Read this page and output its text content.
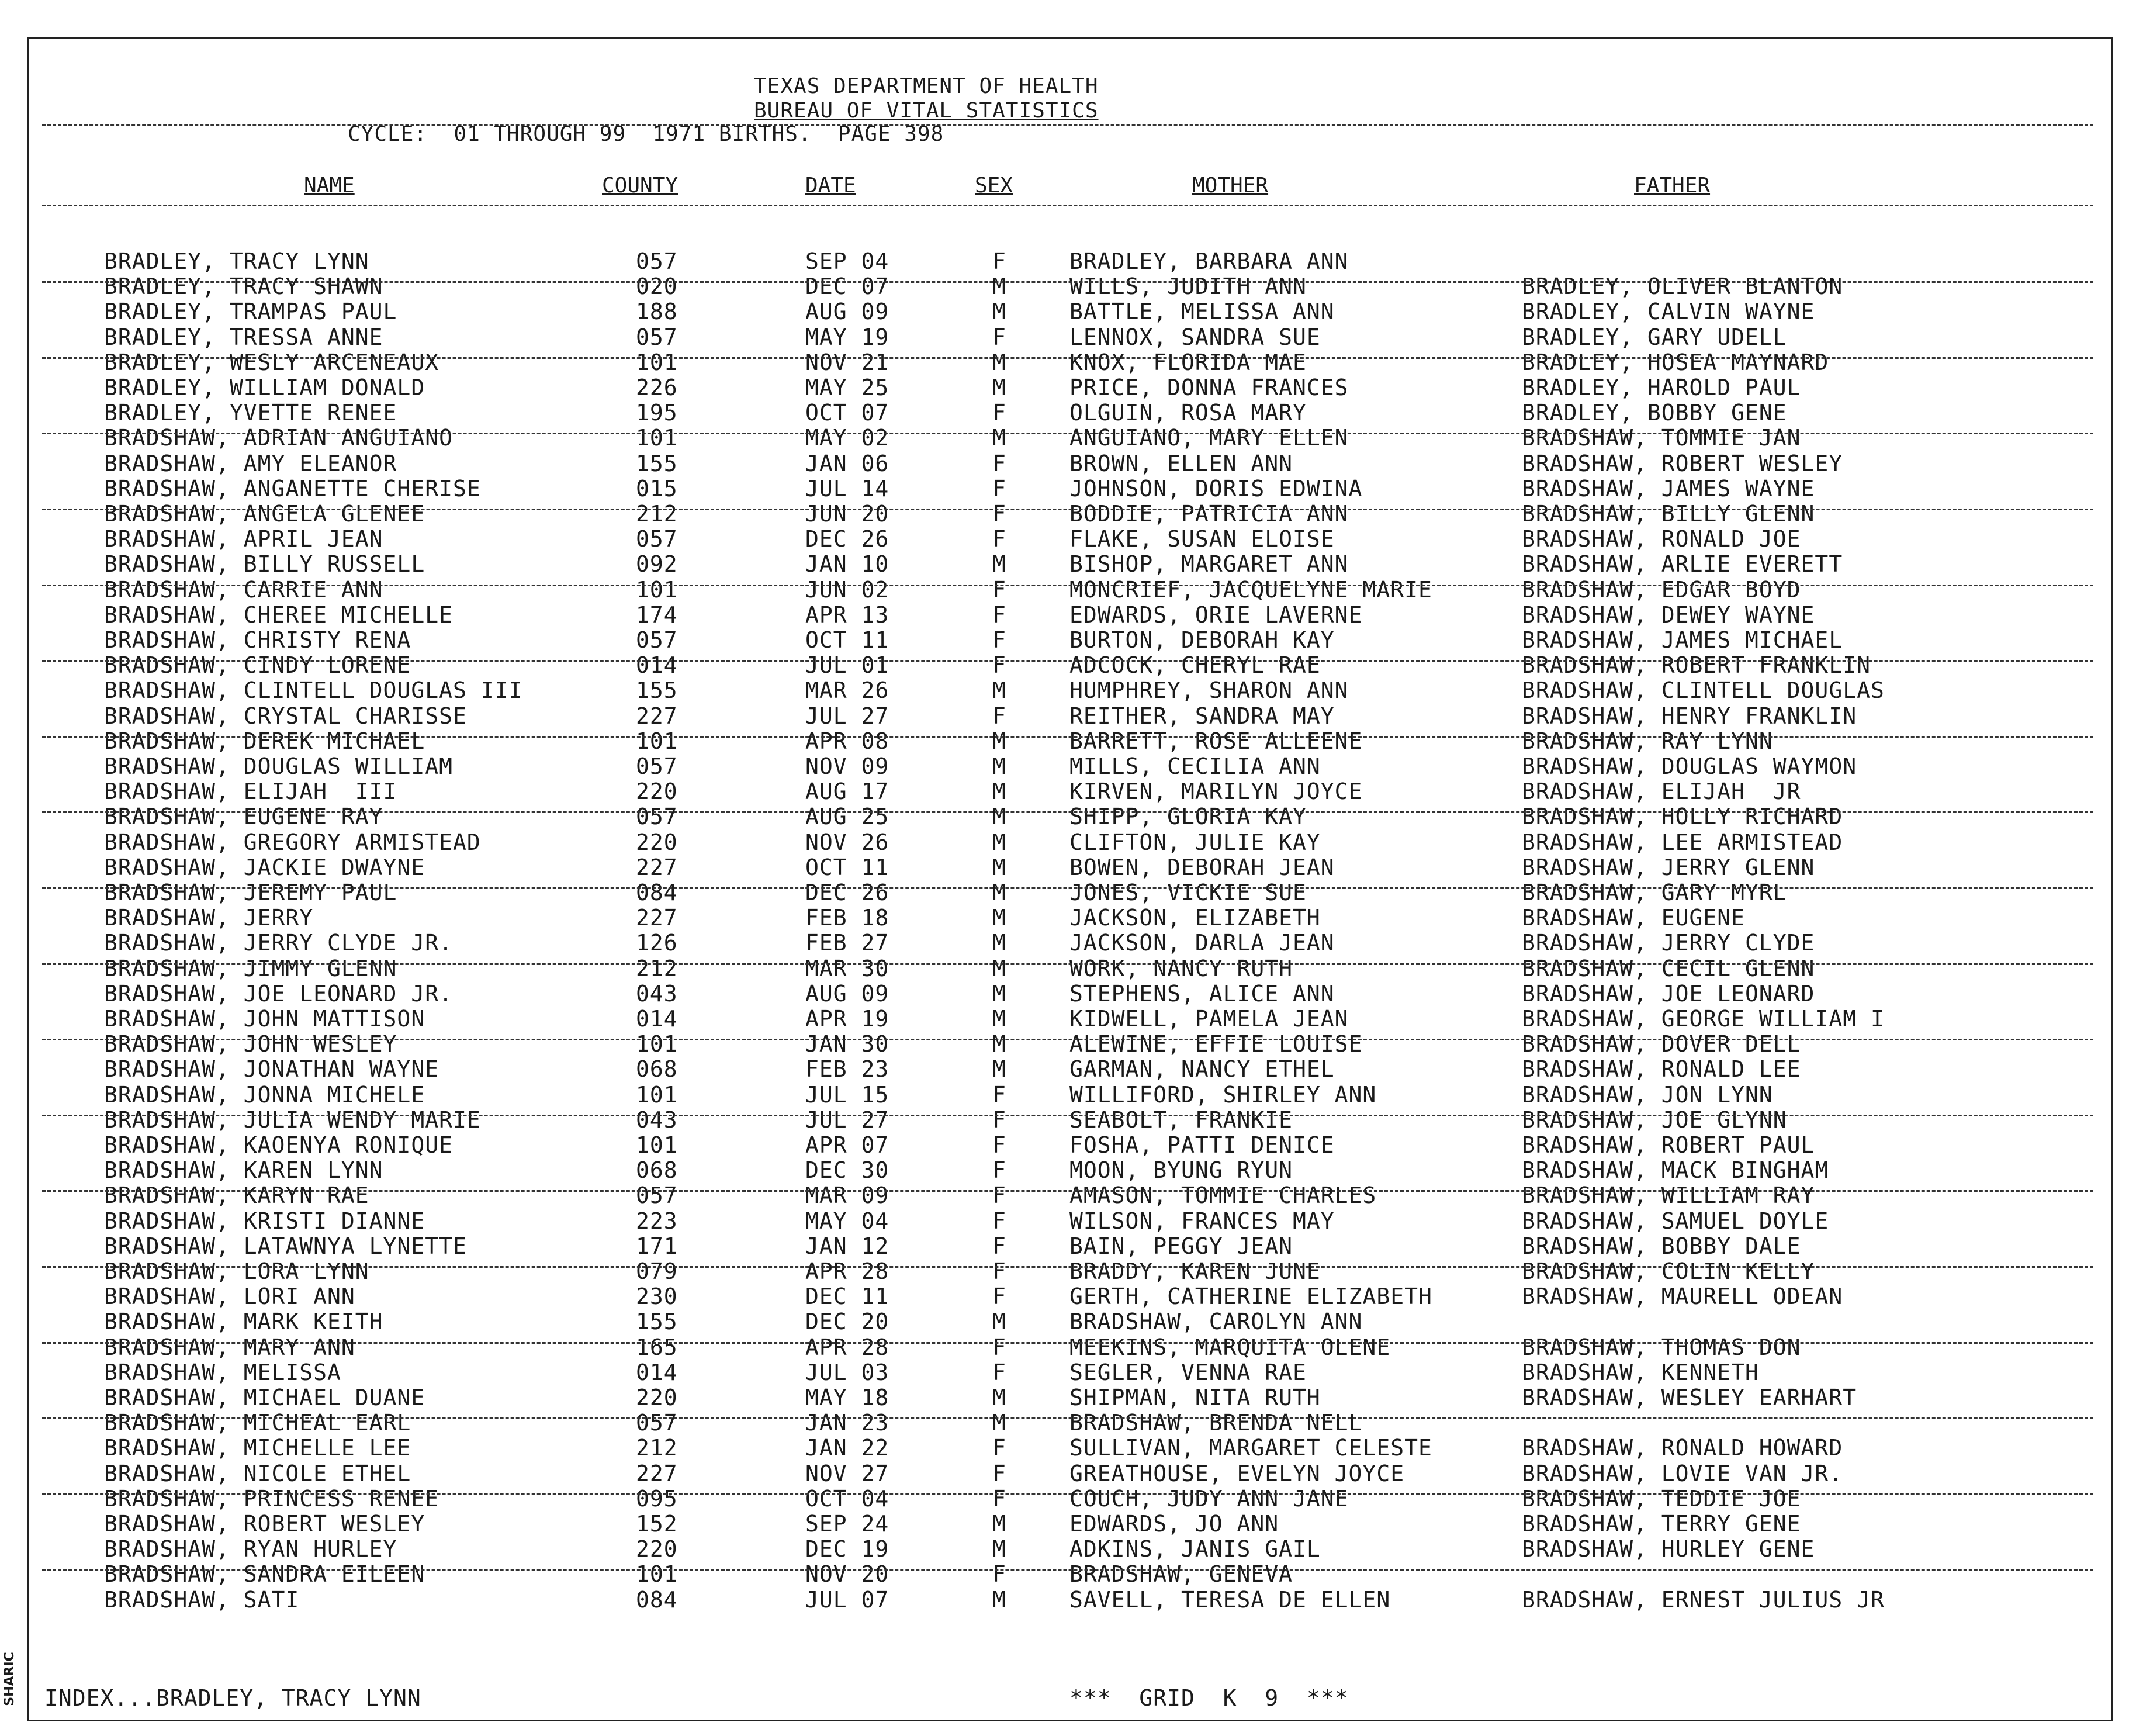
TEXAS DEPARTMENT OF HEALTH
BUREAU OF VITAL STATISTICS
CYCLE:  01 THROUGH 99  1971 BIRTHS.  PAGE 398
NAME	COUNTY	DATE	SEX	MOTHER	FATHER
BRADLEY, TRACY LYNN	057	SEP 04	F	BRADLEY, BARBARA ANN
BRADLEY, TRACY SHAWN	020	DEC 07	M	WILLS, JUDITH ANN	BRADLEY, OLIVER BLANTON
BRADLEY, TRAMPAS PAUL	188	AUG 09	M	BATTLE, MELISSA ANN	BRADLEY, CALVIN WAYNE
BRADLEY, TRESSA ANNE	057	MAY 19	F	LENNOX, SANDRA SUE	BRADLEY, GARY UDELL
BRADLEY, WESLY ARCENEAUX	101	NOV 21	M	KNOX, FLORIDA MAE	BRADLEY, HOSEA MAYNARD
BRADLEY, WILLIAM DONALD	226	MAY 25	M	PRICE, DONNA FRANCES	BRADLEY, HAROLD PAUL
BRADLEY, YVETTE RENEE	195	OCT 07	F	OLGUIN, ROSA MARY	BRADLEY, BOBBY GENE
BRADSHAW, ADRIAN ANGUIANO	101	MAY 02	M	ANGUIANO, MARY ELLEN	BRADSHAW, TOMMIE JAN
BRADSHAW, AMY ELEANOR	155	JAN 06	F	BROWN, ELLEN ANN	BRADSHAW, ROBERT WESLEY
BRADSHAW, ANGANETTE CHERISE	015	JUL 14	F	JOHNSON, DORIS EDWINA	BRADSHAW, JAMES WAYNE
BRADSHAW, ANGELA GLENEE	212	JUN 20	F	BODDIE, PATRICIA ANN	BRADSHAW, BILLY GLENN
BRADSHAW, APRIL JEAN	057	DEC 26	F	FLAKE, SUSAN ELOISE	BRADSHAW, RONALD JOE
BRADSHAW, BILLY RUSSELL	092	JAN 10	M	BISHOP, MARGARET ANN	BRADSHAW, ARLIE EVERETT
BRADSHAW, CARRIE ANN	101	JUN 02	F	MONCRIEF, JACQUELYNE MARIE	BRADSHAW, EDGAR BOYD
BRADSHAW, CHEREE MICHELLE	174	APR 13	F	EDWARDS, ORIE LAVERNE	BRADSHAW, DEWEY WAYNE
BRADSHAW, CHRISTY RENA	057	OCT 11	F	BURTON, DEBORAH KAY	BRADSHAW, JAMES MICHAEL
BRADSHAW, CINDY LORENE	014	JUL 01	F	ADCOCK, CHERYL RAE	BRADSHAW, ROBERT FRANKLIN
BRADSHAW, CLINTELL DOUGLAS III	155	MAR 26	M	HUMPHREY, SHARON ANN	BRADSHAW, CLINTELL DOUGLAS
BRADSHAW, CRYSTAL CHARISSE	227	JUL 27	F	REITHER, SANDRA MAY	BRADSHAW, HENRY FRANKLIN
BRADSHAW, DEREK MICHAEL	101	APR 08	M	BARRETT, ROSE ALLEENE	BRADSHAW, RAY LYNN
BRADSHAW, DOUGLAS WILLIAM	057	NOV 09	M	MILLS, CECILIA ANN	BRADSHAW, DOUGLAS WAYMON
BRADSHAW, ELIJAH  III	220	AUG 17	M	KIRVEN, MARILYN JOYCE	BRADSHAW, ELIJAH  JR
BRADSHAW, EUGENE RAY	057	AUG 25	M	SHIPP, GLORIA KAY	BRADSHAW, HOLLY RICHARD
BRADSHAW, GREGORY ARMISTEAD	220	NOV 26	M	CLIFTON, JULIE KAY	BRADSHAW, LEE ARMISTEAD
BRADSHAW, JACKIE DWAYNE	227	OCT 11	M	BOWEN, DEBORAH JEAN	BRADSHAW, JERRY GLENN
BRADSHAW, JEREMY PAUL	084	DEC 26	M	JONES, VICKIE SUE	BRADSHAW, GARY MYRL
BRADSHAW, JERRY	227	FEB 18	M	JACKSON, ELIZABETH	BRADSHAW, EUGENE
BRADSHAW, JERRY CLYDE JR.	126	FEB 27	M	JACKSON, DARLA JEAN	BRADSHAW, JERRY CLYDE
BRADSHAW, JIMMY GLENN	212	MAR 30	M	WORK, NANCY RUTH	BRADSHAW, CECIL GLENN
BRADSHAW, JOE LEONARD JR.	043	AUG 09	M	STEPHENS, ALICE ANN	BRADSHAW, JOE LEONARD
BRADSHAW, JOHN MATTISON	014	APR 19	M	KIDWELL, PAMELA JEAN	BRADSHAW, GEORGE WILLIAM I
BRADSHAW, JOHN WESLEY	101	JAN 30	M	ALEWINE, EFFIE LOUISE	BRADSHAW, DOVER DELL
BRADSHAW, JONATHAN WAYNE	068	FEB 23	M	GARMAN, NANCY ETHEL	BRADSHAW, RONALD LEE
BRADSHAW, JONNA MICHELE	101	JUL 15	F	WILLIFORD, SHIRLEY ANN	BRADSHAW, JON LYNN
BRADSHAW, JULIA WENDY MARIE	043	JUL 27	F	SEABOLT, FRANKIE	BRADSHAW, JOE GLYNN
BRADSHAW, KAOENYA RONIQUE	101	APR 07	F	FOSHA, PATTI DENICE	BRADSHAW, ROBERT PAUL
BRADSHAW, KAREN LYNN	068	DEC 30	F	MOON, BYUNG RYUN	BRADSHAW, MACK BINGHAM
BRADSHAW, KARYN RAE	057	MAR 09	F	AMASON, TOMMIE CHARLES	BRADSHAW, WILLIAM RAY
BRADSHAW, KRISTI DIANNE	223	MAY 04	F	WILSON, FRANCES MAY	BRADSHAW, SAMUEL DOYLE
BRADSHAW, LATAWNYA LYNETTE	171	JAN 12	F	BAIN, PEGGY JEAN	BRADSHAW, BOBBY DALE
BRADSHAW, LORA LYNN	079	APR 28	F	BRADDY, KAREN JUNE	BRADSHAW, COLIN KELLY
BRADSHAW, LORI ANN	230	DEC 11	F	GERTH, CATHERINE ELIZABETH	BRADSHAW, MAURELL ODEAN
BRADSHAW, MARK KEITH	155	DEC 20	M	BRADSHAW, CAROLYN ANN
BRADSHAW, MARY ANN	165	APR 28	F	MEEKINS, MARQUITA OLENE	BRADSHAW, THOMAS DON
BRADSHAW, MELISSA	014	JUL 03	F	SEGLER, VENNA RAE	BRADSHAW, KENNETH
BRADSHAW, MICHAEL DUANE	220	MAY 18	M	SHIPMAN, NITA RUTH	BRADSHAW, WESLEY EARHART
BRADSHAW, MICHEAL EARL	057	JAN 23	M	BRADSHAW, BRENDA NELL
BRADSHAW, MICHELLE LEE	212	JAN 22	F	SULLIVAN, MARGARET CELESTE	BRADSHAW, RONALD HOWARD
BRADSHAW, NICOLE ETHEL	227	NOV 27	F	GREATHOUSE, EVELYN JOYCE	BRADSHAW, LOVIE VAN JR.
BRADSHAW, PRINCESS RENEE	095	OCT 04	F	COUCH, JUDY ANN JANE	BRADSHAW, TEDDIE JOE
BRADSHAW, ROBERT WESLEY	152	SEP 24	M	EDWARDS, JO ANN	BRADSHAW, TERRY GENE
BRADSHAW, RYAN HURLEY	220	DEC 19	M	ADKINS, JANIS GAIL	BRADSHAW, HURLEY GENE
BRADSHAW, SANDRA EILEEN	101	NOV 20	F	BRADSHAW, GENEVA
BRADSHAW, SATI	084	JUL 07	M	SAVELL, TERESA DE ELLEN	BRADSHAW, ERNEST JULIUS JR
INDEX...BRADLEY, TRACY LYNN	***  GRID  K  9  ***
SHARIC
